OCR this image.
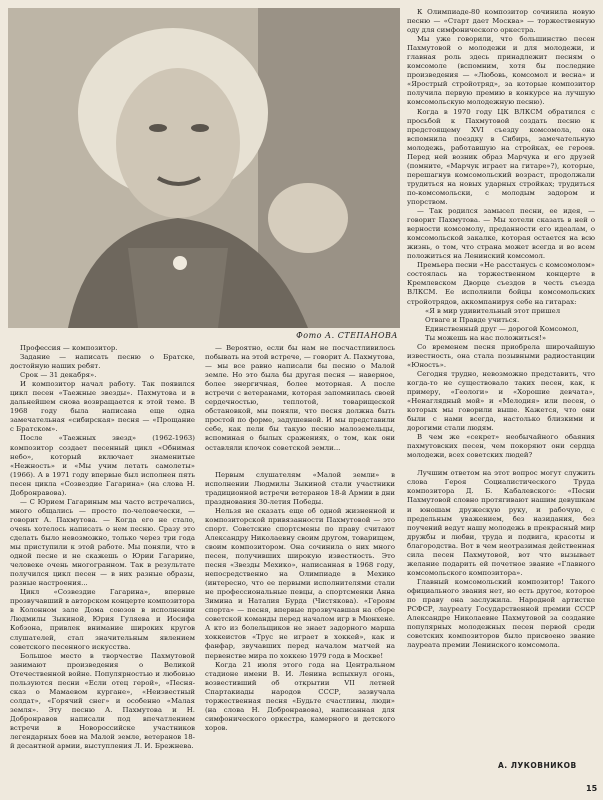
Фото А. СТЕПАНОВА

Профессия — композитор.

Задание — написать песню о Братске, достойную наших ребят.

Срок — 31 декабря».

И композитор начал работу. Так появился цикл песен «Таежные звезды». Пахмутова и в дальнейшем снова возвращается к этой теме. В 1968 году была написана еще одна замечательная «сибирская» песня — «Прощание с Братском».

После «Таежных звезд» (1962-1963) композитор создает песенный цикл «Обнимая небо», который включает знаменитые «Нежность» и «Мы учим летать самолеты» (1966). А в 1971 году впервые был исполнен пять песен цикла «Созвездие Гагарина» (на слова Н. Добронравова).

— С Юрием Гагариным мы часто встречались, много общались — просто по-человечески, — говорит А. Пахмутова. — Когда его не стало, очень хотелось написать о нем песню. Сразу это сделать было невозможно, только через три года мы приступили к этой работе. Мы поняли, что в одной песне и не скажешь о Юрии Гагарине, человеке очень многогранном. Так в результате получился цикл песен — в них разные образы, разные настроения...

Цикл «Созвездие Гагарина», впервые прозвучавший в авторском концерте композитора в Колонном зале Дома союзов в исполнении Людмилы Зыкиной, Юрия Гуляева и Иосифа Кобзона, привлек внимание широких кругов слушателей, стал значительным явлением советского песенного искусства.

Большое место в творчестве Пахмутовой занимают произведения о Великой Отечественной войне. Популярностью и любовью пользуются песни «Если отец герой», «Песня-сказ о Мамаевом кургане», «Неизвестный солдат», «Горячий снег» и особенно «Малая земля». Эту песню А. Пахмутова и Н. Добронравов написали под впечатлением встречи в Новороссийске участников легендарных боев на Малой земле, ветеранов 18-й десантной армии, выступления Л. И. Брежнева.

— Вероятно, если бы нам не посчастливилось побывать на этой встрече, — говорит А. Пахмутова, — мы все равно написали бы песню о Малой земле. Но это была бы другая песня — наверное, более энергичная, более моторная. А после встречи с ветеранами, которая запомнилась своей сердечностью, теплотой, товарищеской обстановкой, мы поняли, что песня должна быть простой по форме, задушевной. И мы представили себе, как пели бы такую песню малоземельцы, вспоминая о былых сражениях, о том, как они оставляли клочок советской земли...

Первым слушателям «Малой земли» в исполнении Людмилы Зыкиной стали участники традиционной встречи ветеранов 18-й Армии в дни празднования 30-летия Победы.

Нельзя не сказать еще об одной жизненной и композиторской привязанности Пахмутовой — это спорт. Советские спортсмены по праву считают Александру Николаевну своим другом, товарищем, своим композитором. Она сочинила о них много песен, получивших широкую известность. Это песня «Звезды Мехико», написанная в 1968 году, непосредственно на Олимпиаде в Мехико (интересно, что ее первыми исполнителями стали не профессиональные певцы, а спортсменки Анна Зимина и Наталия Бурда (Чистякова). «Героям спорта» — песня, впервые прозвучавшая на сборе советской команды перед началом игр в Мюнхене. А кто из болельщиков не знает задорного марша хоккеистов «Трус не играет в хоккей», как и фанфар, звучавших перед началом матчей на первенстве мира по хоккею 1979 года в Москве!

Когда 21 июля этого года на Центральном стадионе имени В. И. Ленина вспыхнул огонь, возвестивший об открытии VII летней Спартакиады народов СССР, зазвучала торжественная песня «Будьте счастливы, люди» (на слова Н. Добронравова), написанная для симфонического оркестра, камерного и детского хоров.

К Олимпиаде-80 композитор сочинила новую песню — «Старт дает Москва» — торжественную оду для симфонического оркестра.

Мы уже говорили, что большинство песен Пахмутовой о молодежи и для молодежи, и главная роль здесь принадлежит песням о комсомоле (вспомним, хотя бы последние произведения — «Любовь, комсомол и весна» и «Ярострый стройотряд», за которые композитор получила первую премию в конкурсе на лучшую комсомольскую молодежную песню).

Когда в 1970 году ЦК ВЛКСМ обратился с просьбой к Пахмутовой создать песню к предстоящему XVI съезду комсомола, она вспомнила поездку в Сибирь, замечательную молодежь, работавшую на стройках, ее героев. Перед ней возник образ Марчука и его друзей (помните, «Марчук играет на гитаре»?), которые, перешагнув комсомольский возраст, продолжали трудиться на новых ударных стройках; трудиться по-комсомольски, с молодым задором и упорством.

— Так родился замысел песни, ее идея, — говорит Пахмутова. — Мы хотели сказать в ней о верности комсомолу, преданности его идеалам, о комсомольской закалке, которая остается на всю жизнь, о том, что страна может всегда и во всем положиться на Ленинский комсомол.

Премьера песни «Не расстанусь с комсомолом» состоялась на торжественном концерте в Кремлевском Дворце съездов в честь съезда ВЛКСМ. Ее исполнили бойцы комсомольских стройотрядов, аккомпанируя себе на гитарах:

«Я в мир удивительный этот пришел

Отваге и Правде учиться.

Единственный друг — дорогой Комсомол,

Ты можешь на нас положиться!»

Со временем песня приобрела широчайшую известность, она стала позывными радиостанции «Юность».

Сегодня трудно, невозможно представить, что когда-то не существовало таких песен, как, к примеру, «Геологи» и «Хорошие девчата», «Ненаглядный мой» и «Мелодия» или песен, о которых мы говорили выше. Кажется, что они были с нами всегда, настолько близкими и дорогими стали людям.

В чем же «секрет» необычайного обаяния пахмутовских песен, чем покоряют они сердца молодежи, всех советских людей?

Лучшим ответом на этот вопрос могут служить слова Героя Социалистического Труда композитора Д. Б. Кабалевского: «Песни Пахмутовой словно протягивают нашим девушкам и юношам дружескую руку, и рабочую, с предельным уважением, без назидания, без поучений ведут нашу молодежь в прекрасный мир дружбы и любви, труда и подвига, красоты и благородства. Вот в чем неотразимая действенная сила песен Пахмутовой, вот что вызывает желание подарить ей почетное звание «Главного комсомольского композитора».

Главный комсомольский композитор! Такого официального звания нет, но есть другое, которое по праву она заслужила. Народной артистке РСФСР, лауреату Государственной премии СССР Александре Николаевне Пахмутовой за создание популярных молодежных песен первой среди советских композиторов было присвоено звание лауреата премии Ленинского комсомола.

А. ЛУКОВНИКОВ
15
